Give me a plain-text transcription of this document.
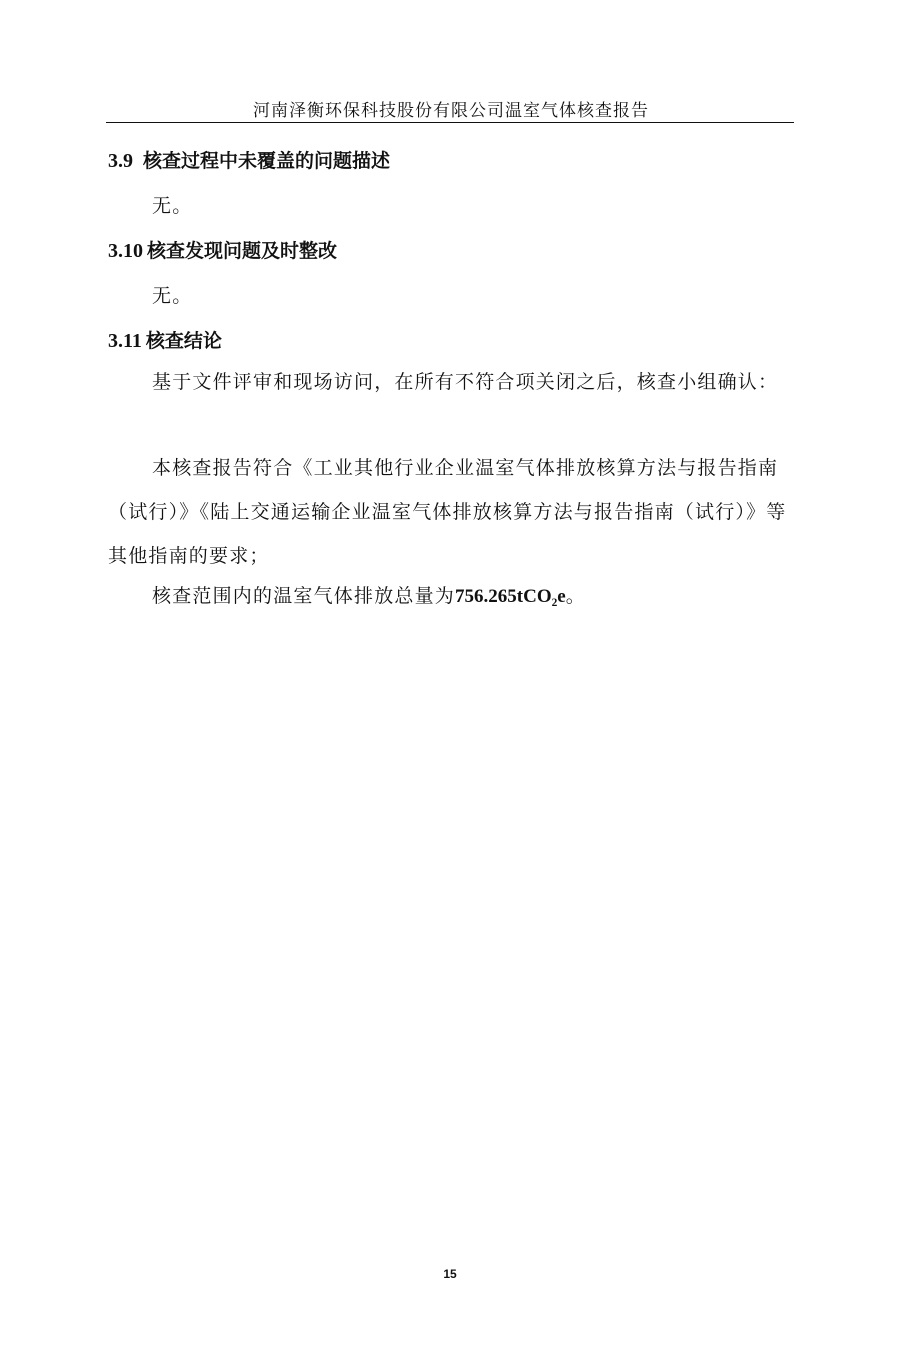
河南泽衡环保科技股份有限公司温室气体核查报告
3.9 核查过程中未覆盖的问题描述
无。
3.10 核查发现问题及时整改
无。
3.11 核查结论
基于文件评审和现场访问，在所有不符合项关闭之后，核查小组确认：
本核查报告符合《工业其他行业企业温室气体排放核算方法与报告指南（试行）》《陆上交通运输企业温室气体排放核算方法与报告指南（试行）》等其他指南的要求；
核查范围内的温室气体排放总量为756.265tCO₂e。
15
